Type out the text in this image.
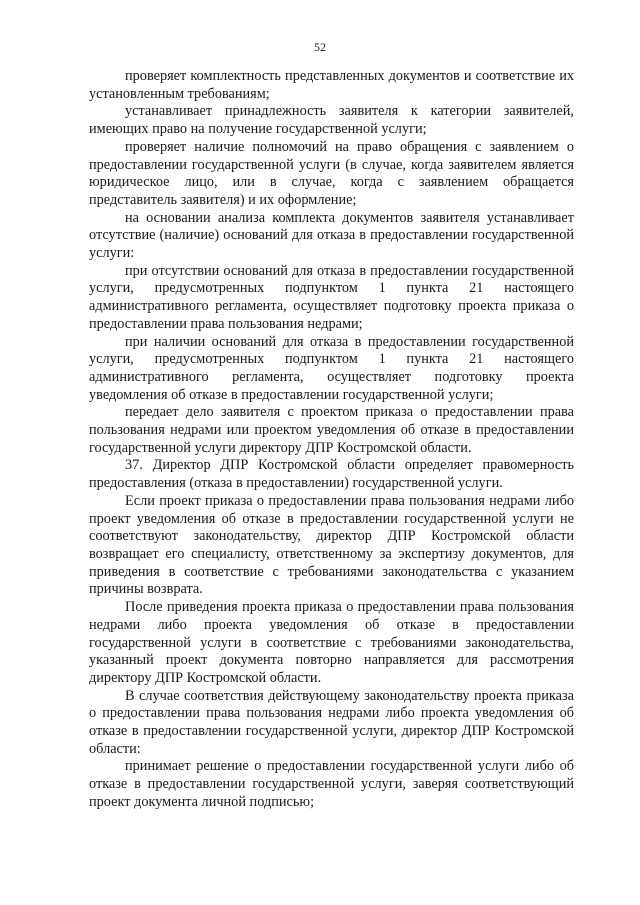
52

проверяет комплектность представленных документов и соответствие их установленным требованиям;

устанавливает принадлежность заявителя к категории заявителей, имеющих право на получение государственной услуги;

проверяет наличие полномочий на право обращения с заявлением о предоставлении государственной услуги (в случае, когда заявителем является юридическое лицо, или в случае, когда с заявлением обращается представитель заявителя) и их оформление;

на основании анализа комплекта документов заявителя устанавливает отсутствие (наличие) оснований для отказа в предоставлении государственной услуги:

при отсутствии оснований для отказа в предоставлении государственной услуги, предусмотренных подпунктом 1 пункта 21 настоящего административного регламента, осуществляет подготовку проекта приказа о предоставлении права пользования недрами;

при наличии оснований для отказа в предоставлении государственной услуги, предусмотренных подпунктом 1 пункта 21 настоящего административного регламента, осуществляет подготовку проекта уведомления об отказе в предоставлении государственной услуги;

передает дело заявителя с проектом приказа о предоставлении права пользования недрами или проектом уведомления об отказе в предоставлении государственной услуги директору ДПР Костромской области.

37. Директор ДПР Костромской области определяет правомерность предоставления (отказа в предоставлении) государственной услуги.

Если проект приказа о предоставлении права пользования недрами либо проект уведомления об отказе в предоставлении государственной услуги не соответствуют законодательству, директор ДПР Костромской области возвращает его специалисту, ответственному за экспертизу документов, для приведения в соответствие с требованиями законодательства с указанием причины возврата.

После приведения проекта приказа о предоставлении права пользования недрами либо проекта уведомления об отказе в предоставлении государственной услуги в соответствие с требованиями законодательства, указанный проект документа повторно направляется для рассмотрения директору ДПР Костромской области.

В случае соответствия действующему законодательству проекта приказа о предоставлении права пользования недрами либо проекта уведомления об отказе в предоставлении государственной услуги, директор ДПР Костромской области:

принимает решение о предоставлении государственной услуги либо об отказе в предоставлении государственной услуги, заверяя соответствующий проект документа личной подписью;
